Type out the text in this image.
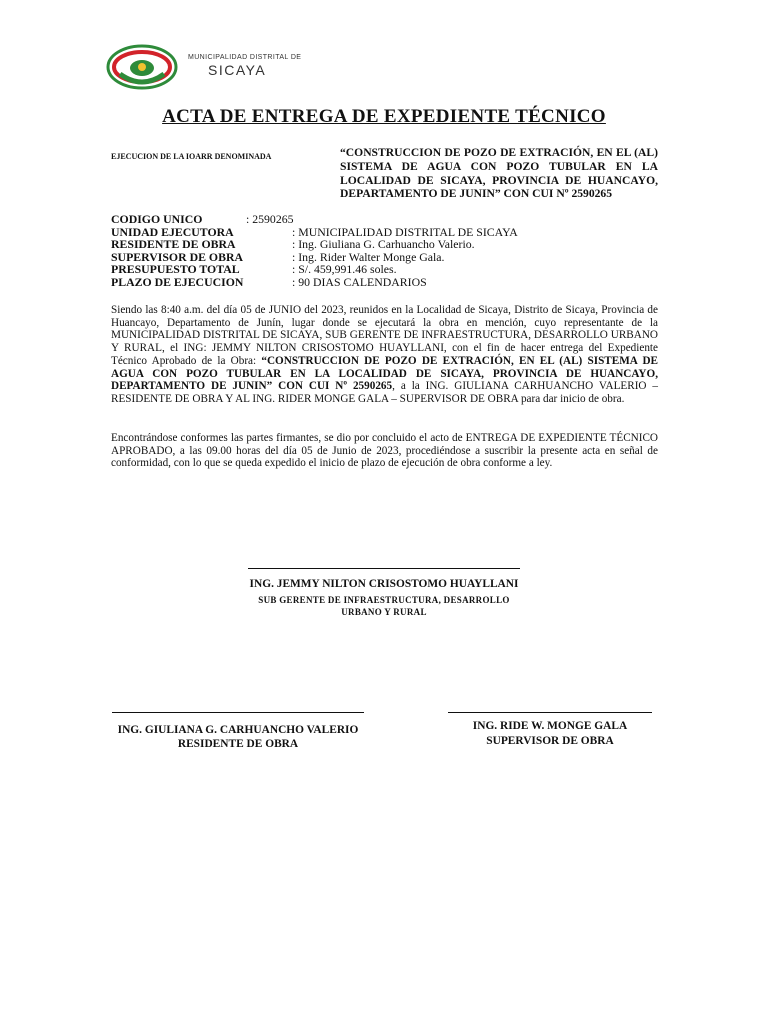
MUNICIPALIDAD DISTRITAL DE
SICAYA
ACTA DE ENTREGA DE EXPEDIENTE TÉCNICO
EJECUCION DE LA IOARR DENOMINADA	“CONSTRUCCION DE POZO DE EXTRACIÓN, EN EL (AL) SISTEMA DE AGUA CON POZO TUBULAR EN LA LOCALIDAD DE SICAYA, PROVINCIA DE HUANCAYO, DEPARTAMENTO DE JUNIN” CON CUI Nº 2590265
CODIGO UNICO	: 2590265
UNIDAD EJECUTORA	: MUNICIPALIDAD DISTRITAL DE SICAYA
RESIDENTE DE OBRA	: Ing. Giuliana G. Carhuancho Valerio.
SUPERVISOR DE OBRA	: Ing. Rider Walter Monge Gala.
PRESUPUESTO TOTAL	: S/. 459,991.46 soles.
PLAZO DE EJECUCION	: 90 DIAS CALENDARIOS
Siendo las 8:40 a.m. del día 05 de JUNIO del 2023, reunidos en la Localidad de Sicaya, Distrito de Sicaya, Provincia de Huancayo, Departamento de Junín, lugar donde se ejecutará la obra en mención, cuyo representante de la MUNICIPALIDAD DISTRITAL DE SICAYA, SUB GERENTE DE INFRAESTRUCTURA, DESARROLLO URBANO Y RURAL, el ING: JEMMY NILTON CRISOSTOMO HUAYLLANI, con el fin de hacer entrega del Expediente Técnico Aprobado de la Obra: “CONSTRUCCION DE POZO DE EXTRACIÓN, EN EL (AL) SISTEMA DE AGUA CON POZO TUBULAR EN LA LOCALIDAD DE SICAYA, PROVINCIA DE HUANCAYO, DEPARTAMENTO DE JUNIN” CON CUI Nº 2590265, a la ING. GIULIANA CARHUANCHO VALERIO – RESIDENTE DE OBRA Y AL ING. RIDER MONGE GALA – SUPERVISOR DE OBRA para dar inicio de obra.
Encontrándose conformes las partes firmantes, se dio por concluido el acto de ENTREGA DE EXPEDIENTE TÉCNICO APROBADO, a las 09.00 horas del día 05 de Junio de 2023, procediéndose a suscribir la presente acta en señal de conformidad, con lo que se queda expedido el inicio de plazo de ejecución de obra conforme a ley.
ING. JEMMY NILTON CRISOSTOMO HUAYLLANI
SUB GERENTE DE INFRAESTRUCTURA, DESARROLLO
URBANO Y RURAL
ING. GIULIANA G. CARHUANCHO VALERIO
RESIDENTE DE OBRA
ING. RIDE W. MONGE GALA
SUPERVISOR DE OBRA
